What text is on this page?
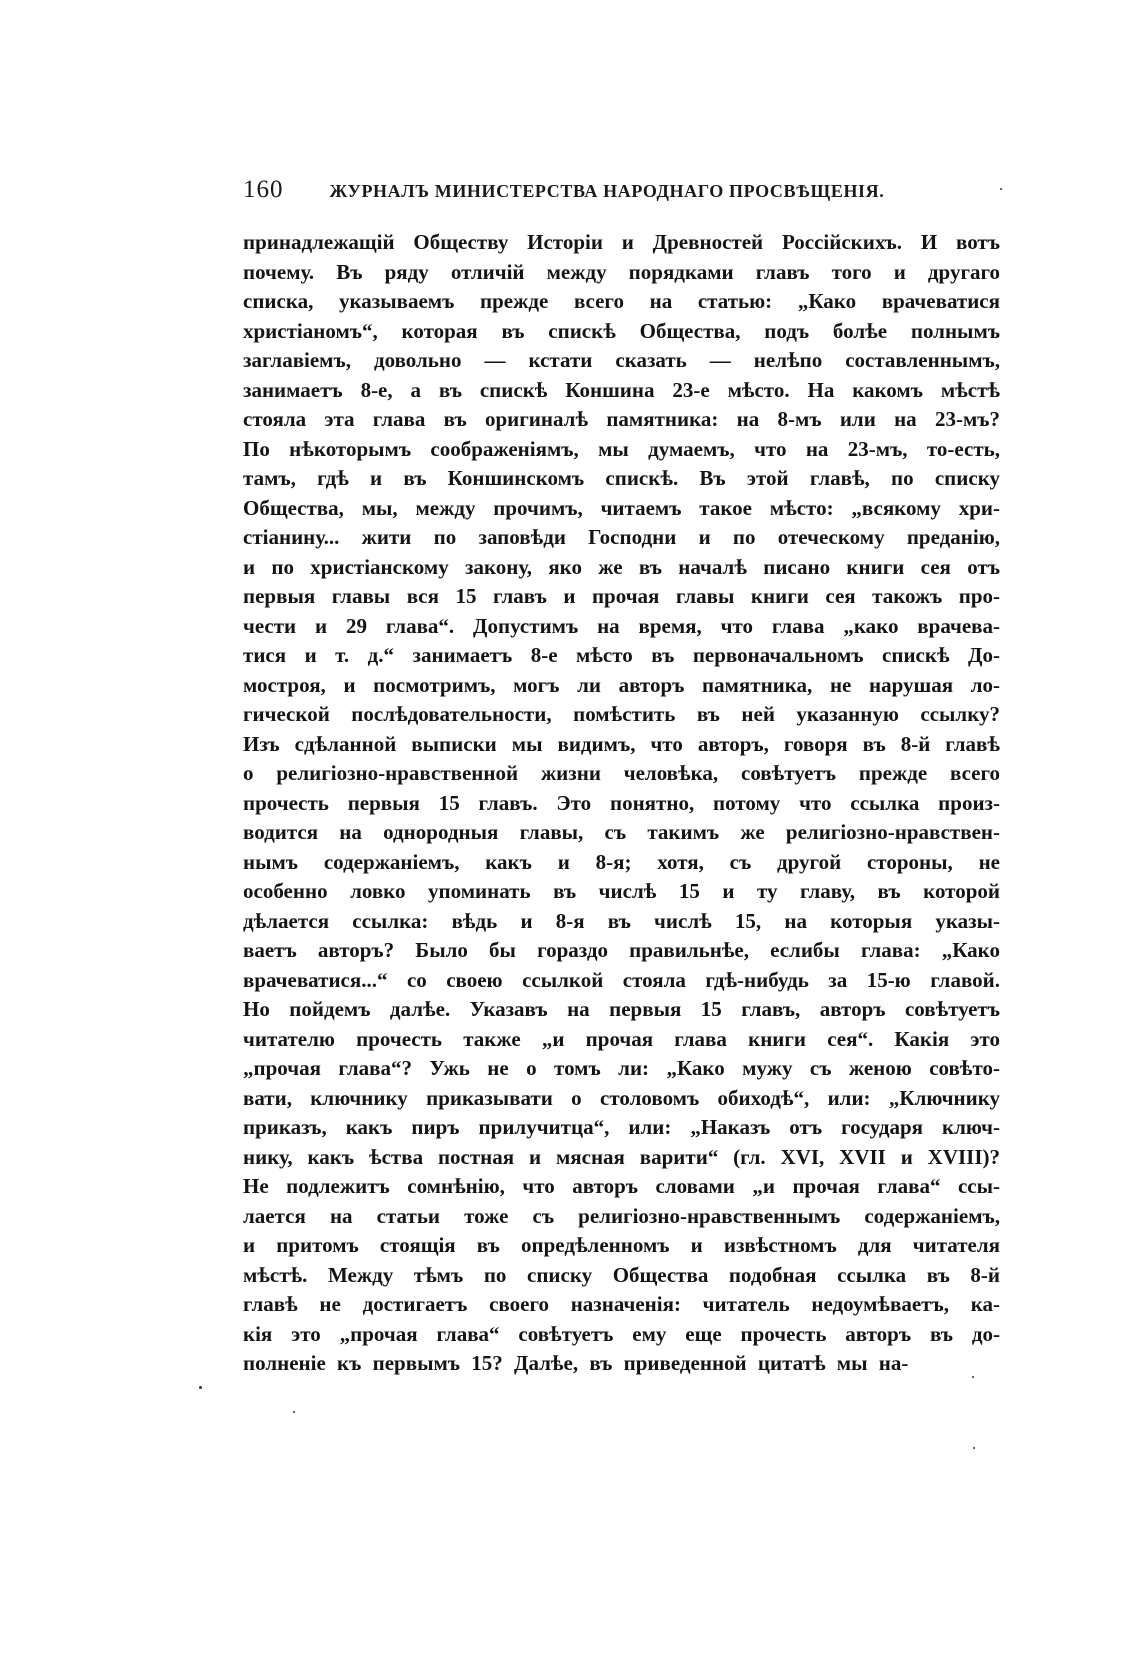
160	ЖУРНАЛЪ МИНИСТЕРСТВА НАРОДНАГО ПРОСВѢЩЕНІЯ.
принадлежащій Обществу Исторіи и Древностей Россійскихъ. И вотъ
почему. Въ ряду отличій между порядками главъ того и другаго
списка, указываемъ прежде всего на статью: „Како врачеватися
христіаномъ“, которая въ спискѣ Общества, подъ болѣе полнымъ
заглавіемъ, довольно — кстати сказать — нелѣпо составленнымъ,
занимаетъ 8-е, а въ спискѣ Коншина 23-е мѣсто. На какомъ мѣстѣ
стояла эта глава въ оригиналѣ памятника: на 8-мъ или на 23-мъ?
По нѣкоторымъ соображеніямъ, мы думаемъ, что на 23-мъ, то-есть,
тамъ, гдѣ и въ Коншинскомъ спискѣ. Въ этой главѣ, по списку
Общества, мы, между прочимъ, читаемъ такое мѣсто: „всякому хри-
стіанину... жити по заповѣди Господни и по отеческому преданію,
и по христіанскому закону, яко же въ началѣ писано книги сея отъ
первыя главы вся 15 главъ и прочая главы книги сея такожъ про-
чести и 29 глава“. Допустимъ на время, что глава „како врачева-
тися и т. д.“ занимаетъ 8-е мѣсто въ первоначальномъ спискѣ До-
мостроя, и посмотримъ, могъ ли авторъ памятника, не нарушая ло-
гической послѣдовательности, помѣстить въ ней указанную ссылку?
Изъ сдѣланной выписки мы видимъ, что авторъ, говоря въ 8-й главѣ
о религіозно-нравственной жизни человѣка, совѣтуетъ прежде всего
прочесть первыя 15 главъ. Это понятно, потому что ссылка произ-
водится на однородныя главы, съ такимъ же религіозно-нравствен-
нымъ содержаніемъ, какъ и 8-я; хотя, съ другой стороны, не
особенно ловко упоминать въ числѣ 15 и ту главу, въ которой
дѣлается ссылка: вѣдь и 8-я въ числѣ 15, на которыя указы-
ваетъ авторъ? Было бы гораздо правильнѣе, еслибы глава: „Како
врачеватися...“ со своею ссылкой стояла гдѣ-нибудь за 15-ю главой.
Но пойдемъ далѣе. Указавъ на первыя 15 главъ, авторъ совѣтуетъ
читателю прочесть также „и прочая глава книги сея“. Какія это
„прочая глава“? Ужь не о томъ ли: „Како мужу съ женою совѣто-
вати, ключнику приказывати о столовомъ обиходѣ“, или: „Ключнику
приказъ, какъ пиръ прилучитца“, или: „Наказъ отъ государя ключ-
нику, какъ ѣства постная и мясная варити“ (гл. XVI, XVII и XVIII)?
Не подлежитъ сомнѣнію, что авторъ словами „и прочая глава“ ссы-
лается на статьи тоже съ религіозно-нравственнымъ содержаніемъ,
и притомъ стоящія въ опредѣленномъ и извѣстномъ для читателя
мѣстѣ. Между тѣмъ по списку Общества подобная ссылка въ 8-й
главѣ не достигаетъ своего назначенія: читатель недоумѣваетъ, ка-
кія это „прочая глава“ совѣтуетъ ему еще прочесть авторъ въ до-
полненіе къ первымъ 15? Далѣе, въ приведенной цитатѣ мы на-
